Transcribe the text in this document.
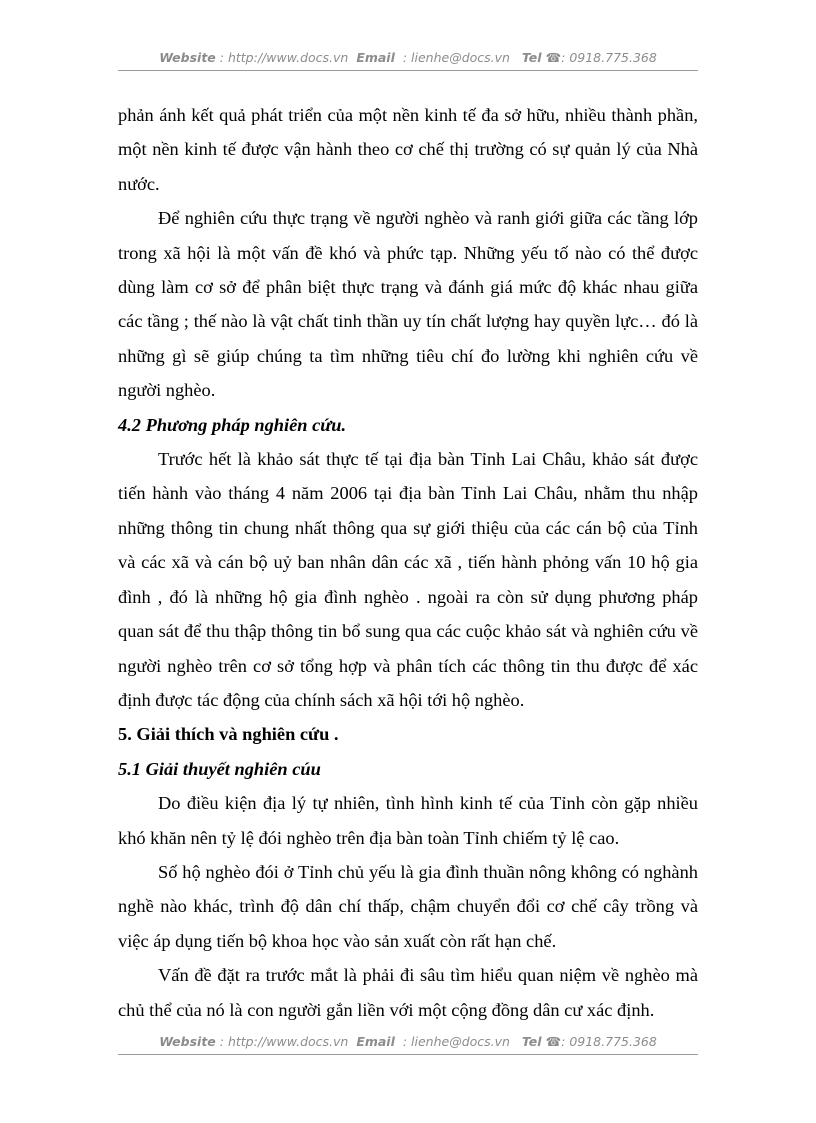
Website : http://www.docs.vn Email : lienhe@docs.vn Tel ☎: 0918.775.368

phản ánh kết quả phát triển của một nền kinh tế đa sở hữu, nhiều thành phần, một nền kinh tế được vận hành theo cơ chế thị trường có sự quản lý của Nhà nước.

Để nghiên cứu thực trạng về người nghèo và ranh giới giữa các tầng lớp trong xã hội là một vấn đề khó và phức tạp. Những yếu tố nào có thể được dùng làm cơ sở để phân biệt thực trạng và đánh giá mức độ khác nhau giữa các tầng ; thế nào là vật chất tinh thần uy tín chất lượng hay quyền lực… đó là những gì sẽ giúp chúng ta tìm những tiêu chí đo lường khi nghiên cứu về người nghèo.

4.2 Phương pháp nghiên cứu.

Trước hết là khảo sát thực tế tại địa bàn Tỉnh Lai Châu, khảo sát được tiến hành vào tháng 4 năm 2006 tại địa bàn Tỉnh Lai Châu, nhằm thu nhập những thông tin chung nhất thông qua sự giới thiệu của các cán bộ của Tỉnh và các xã và cán bộ uỷ ban nhân dân các xã , tiến hành phỏng vấn 10 hộ gia đình , đó là những hộ gia đình nghèo . ngoài ra còn sử dụng phương pháp quan sát để thu thập thông tin bổ sung qua các cuộc khảo sát và nghiên cứu về người nghèo trên cơ sở tổng hợp và phân tích các thông tin thu được để xác định được tác động của chính sách xã hội tới hộ nghèo.

5. Giải thích và nghiên cứu .

5.1 Giải thuyết nghiên cúu

Do điều kiện địa lý tự nhiên, tình hình kinh tế của Tỉnh còn gặp nhiều khó khăn nên tỷ lệ đói nghèo trên địa bàn toàn Tỉnh chiếm tỷ lệ cao.

Số hộ nghèo đói ở Tỉnh chủ yếu là gia đình thuần nông không có nghành nghề nào khác, trình độ dân chí thấp, chậm chuyển đổi cơ chế cây trồng và việc áp dụng tiến bộ khoa học vào sản xuất còn rất hạn chế.

Vấn đề đặt ra trước mắt là phải đi sâu tìm hiểu quan niệm về nghèo mà chủ thể của nó là con người gắn liền với một cộng đồng dân cư xác định.

Website : http://www.docs.vn Email : lienhe@docs.vn Tel ☎: 0918.775.368
